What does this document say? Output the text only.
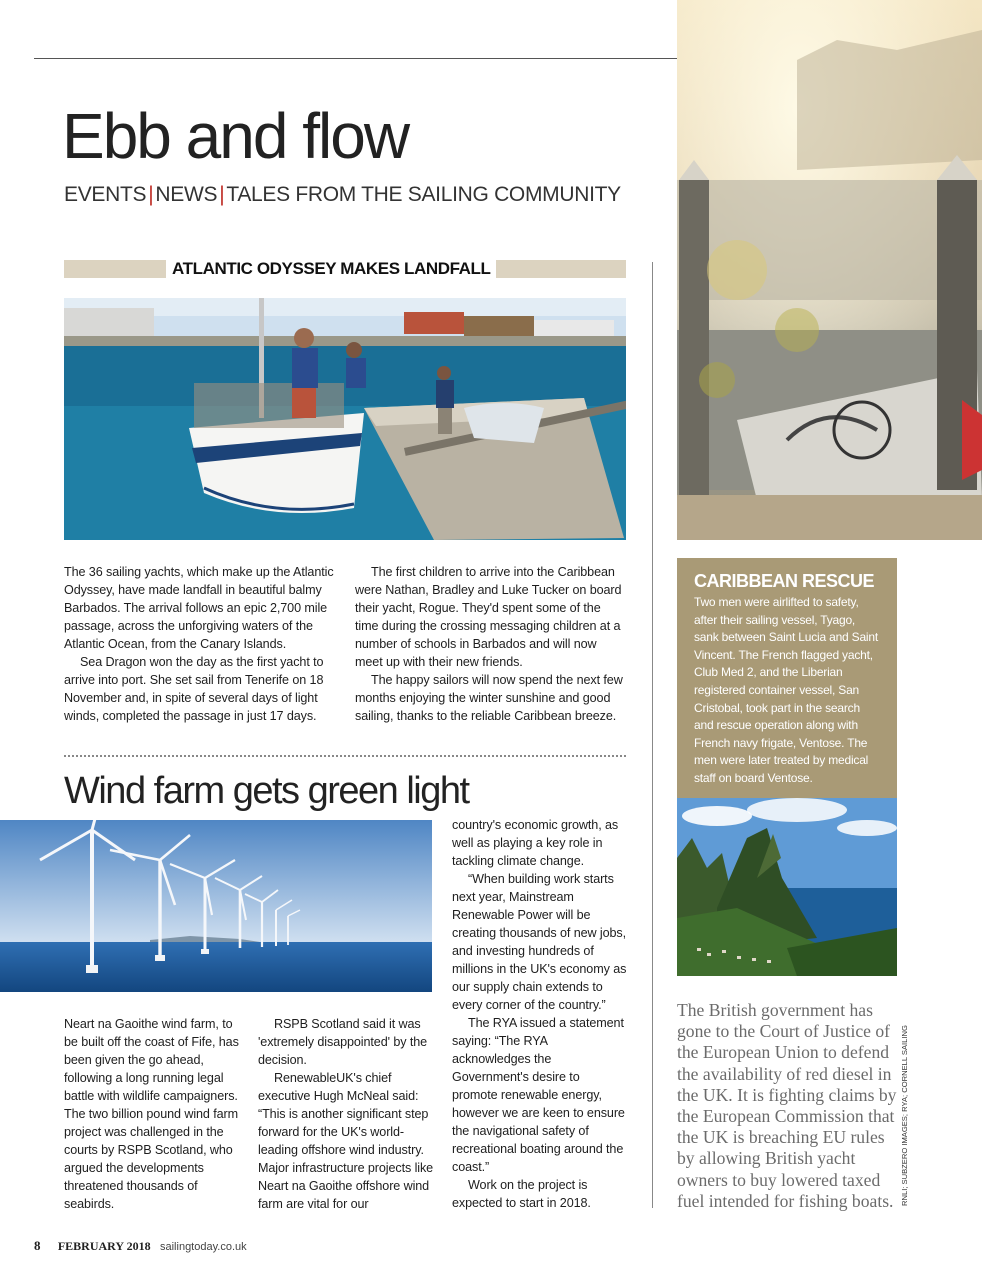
Ebb and flow
EVENTS|NEWS|TALES FROM THE SAILING COMMUNITY
ATLANTIC ODYSSEY MAKES LANDFALL

The 36 sailing yachts, which make up the Atlantic Odyssey, have made landfall in beautiful balmy Barbados. The arrival follows an epic 2,700 mile passage, across the unforgiving waters of the Atlantic Ocean, from the Canary Islands.

Sea Dragon won the day as the first yacht to arrive into port. She set sail from Tenerife on 18 November and, in spite of several days of light winds, completed the passage in just 17 days.

The first children to arrive into the Caribbean were Nathan, Bradley and Luke Tucker on board their yacht, Rogue. They'd spent some of the time during the crossing messaging children at a number of schools in Barbados and will now meet up with their new friends.

The happy sailors will now spend the next few months enjoying the winter sunshine and good sailing, thanks to the reliable Caribbean breeze.

Wind farm gets green light

Neart na Gaoithe wind farm, to be built off the coast of Fife, has been given the go ahead, following a long running legal battle with wildlife campaigners. The two billion pound wind farm project was challenged in the courts by RSPB Scotland, who argued the developments threatened thousands of seabirds.

RSPB Scotland said it was 'extremely disappointed' by the decision.

RenewableUK's chief executive Hugh McNeal said: “This is another significant step forward for the UK's world-leading offshore wind industry. Major infrastructure projects like Neart na Gaoithe offshore wind farm are vital for our

country's economic growth, as well as playing a key role in tackling climate change.

“When building work starts next year, Mainstream Renewable Power will be creating thousands of new jobs, and investing hundreds of millions in the UK's economy as our supply chain extends to every corner of the country.”

The RYA issued a statement saying: “The RYA acknowledges the Government's desire to promote renewable energy, however we are keen to ensure the navigational safety of recreational boating around the coast.”

Work on the project is expected to start in 2018.

CARIBBEAN RESCUE
Two men were airlifted to safety, after their sailing vessel, Tyago, sank between Saint Lucia and Saint Vincent. The French flagged yacht, Club Med 2, and the Liberian registered container vessel, San Cristobal, took part in the search and rescue operation along with French navy frigate, Ventose. The men were later treated by medical staff on board Ventose.
The British government has gone to the Court of Justice of the European Union to defend the availability of red diesel in the UK. It is fighting claims by the European Commission that the UK is breaching EU rules by allowing British yacht owners to buy lowered taxed fuel intended for fishing boats. RNLI; SUBZERO IMAGES; RYA; CORNELL SAILING
8 FEBRUARY 2018 sailingtoday.co.uk
